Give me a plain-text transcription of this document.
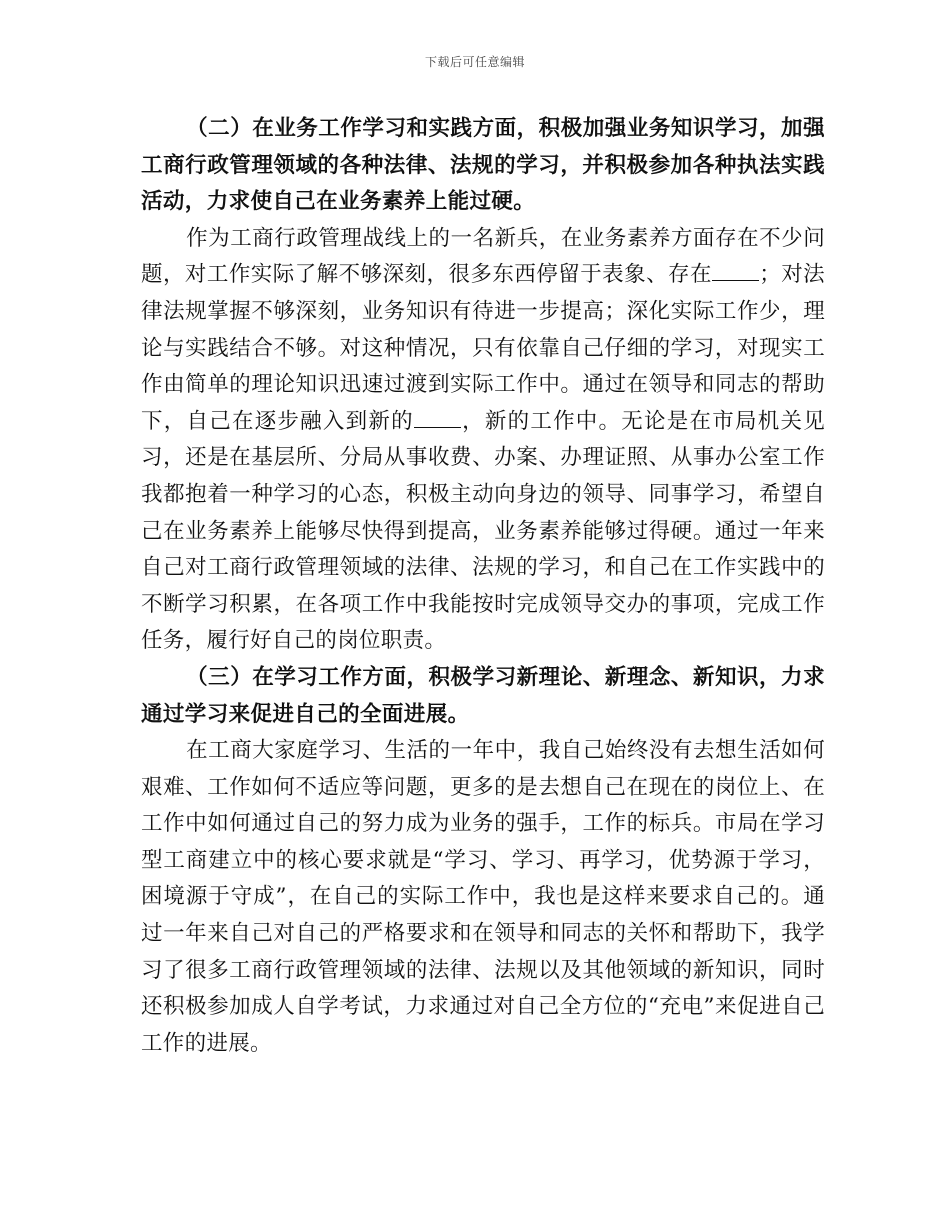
下载后可任意编辑

（二）在业务工作学习和实践方面，积极加强业务知识学习，加强工商行政管理领域的各种法律、法规的学习，并积极参加各种执法实践活动，力求使自己在业务素养上能过硬。

作为工商行政管理战线上的一名新兵，在业务素养方面存在不少问题，对工作实际了解不够深刻，很多东西停留于表象、存在 ；对法律法规掌握不够深刻，业务知识有待进一步提高；深化实际工作少，理论与实践结合不够。对这种情况，只有依靠自己仔细的学习，对现实工作由简单的理论知识迅速过渡到实际工作中。通过在领导和同志的帮助下，自己在逐步融入到新的 ，新的工作中。无论是在市局机关见习，还是在基层所、分局从事收费、办案、办理证照、从事办公室工作我都抱着一种学习的心态，积极主动向身边的领导、同事学习，希望自己在业务素养上能够尽快得到提高，业务素养能够过得硬。通过一年来自己对工商行政管理领域的法律、法规的学习，和自己在工作实践中的不断学习积累，在各项工作中我能按时完成领导交办的事项，完成工作任务，履行好自己的岗位职责。

（三）在学习工作方面，积极学习新理论、新理念、新知识，力求通过学习来促进自己的全面进展。

在工商大家庭学习、生活的一年中，我自己始终没有去想生活如何艰难、工作如何不适应等问题，更多的是去想自己在现在的岗位上、在工作中如何通过自己的努力成为业务的强手，工作的标兵。市局在学习型工商建立中的核心要求就是“学习、学习、再学习，优势源于学习，困境源于守成”，在自己的实际工作中，我也是这样来要求自己的。通过一年来自己对自己的严格要求和在领导和同志的关怀和帮助下，我学习了很多工商行政管理领域的法律、法规以及其他领域的新知识，同时还积极参加成人自学考试，力求通过对自己全方位的“充电”来促进自己工作的进展。
